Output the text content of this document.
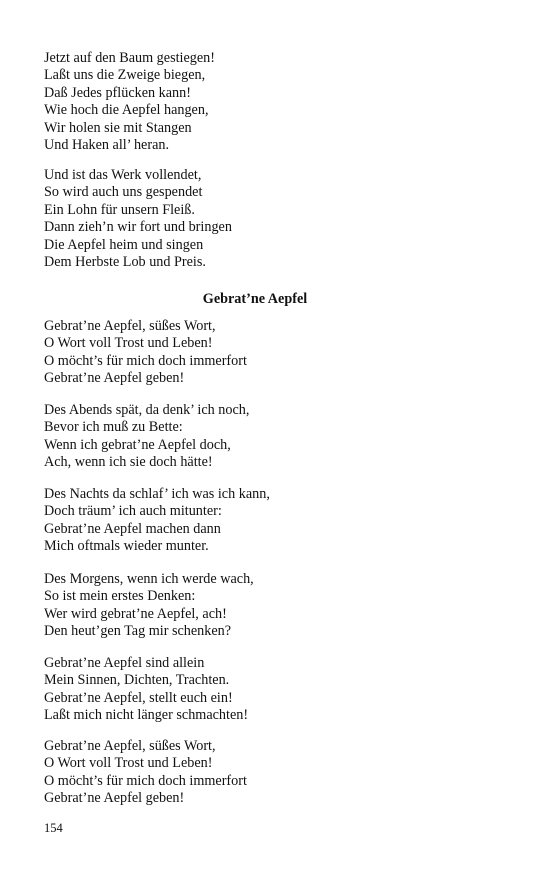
Jetzt auf den Baum gestiegen!
Laßt uns die Zweige biegen,
Daß Jedes pflücken kann!
Wie hoch die Aepfel hangen,
Wir holen sie mit Stangen
Und Haken all’ heran.
Und ist das Werk vollendet,
So wird auch uns gespendet
Ein Lohn für unsern Fleiß.
Dann zieh’n wir fort und bringen
Die Aepfel heim und singen
Dem Herbste Lob und Preis.
Gebrat’ne Aepfel
Gebrat’ne Aepfel, süßes Wort,
O Wort voll Trost und Leben!
O möcht’s für mich doch immerfort
Gebrat’ne Aepfel geben!
Des Abends spät, da denk’ ich noch,
Bevor ich muß zu Bette:
Wenn ich gebrat’ne Aepfel doch,
Ach, wenn ich sie doch hätte!
Des Nachts da schlaf’ ich was ich kann,
Doch träum’ ich auch mitunter:
Gebrat’ne Aepfel machen dann
Mich oftmals wieder munter.
Des Morgens, wenn ich werde wach,
So ist mein erstes Denken:
Wer wird gebrat’ne Aepfel, ach!
Den heut’gen Tag mir schenken?
Gebrat’ne Aepfel sind allein
Mein Sinnen, Dichten, Trachten.
Gebrat’ne Aepfel, stellt euch ein!
Laßt mich nicht länger schmachten!
Gebrat’ne Aepfel, süßes Wort,
O Wort voll Trost und Leben!
O möcht’s für mich doch immerfort
Gebrat’ne Aepfel geben!
154
